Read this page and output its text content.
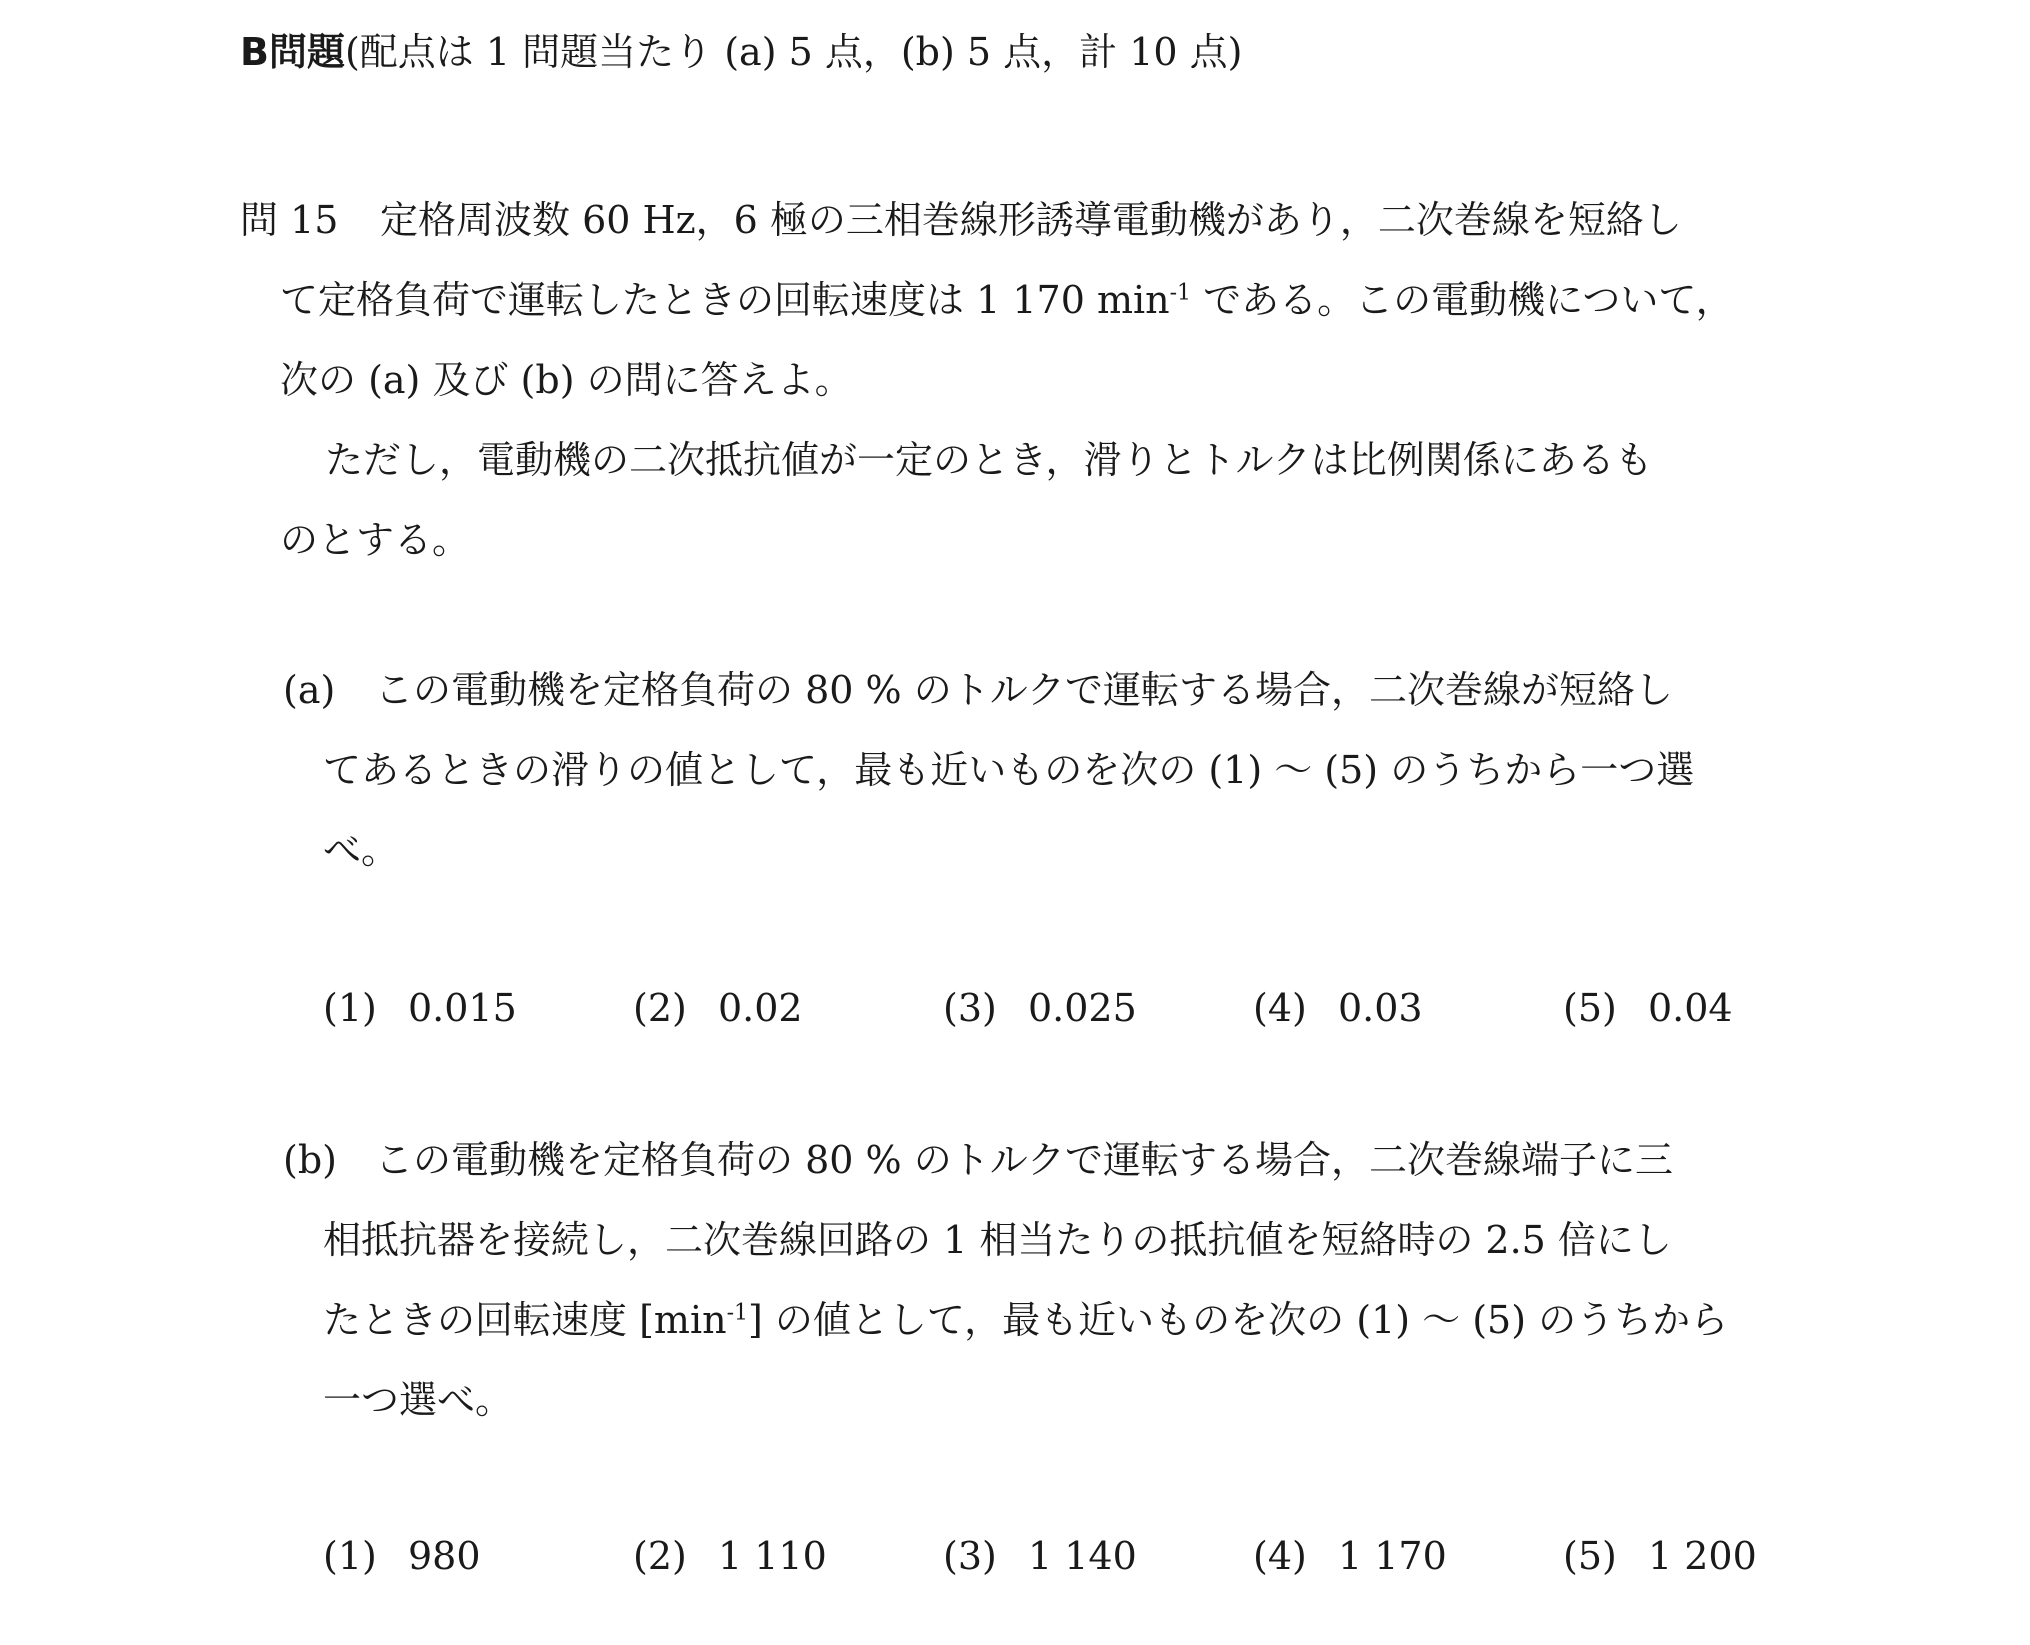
B問題(配点は 1 問題当たり (a) 5 点，(b) 5 点，計 10 点)
問 15	定格周波数 60 Hz，6 極の三相巻線形誘導電動機があり，二次巻線を短絡し
て定格負荷で運転したときの回転速度は 1 170 $\min^{-1}$ である。この電動機について，
次の (a) 及び (b) の問に答えよ。
ただし，電動機の二次抵抗値が一定のとき，滑りとトルクは比例関係にあるも
のとする。
(a)	この電動機を定格負荷の 80 % のトルクで運転する場合，二次巻線が短絡し
てあるときの滑りの値として，最も近いものを次の (1) ～ (5) のうちから一つ選
べ。
(1) 0.015	(2) 0.02	(3) 0.025	(4) 0.03	(5) 0.04
(b)	この電動機を定格負荷の 80 % のトルクで運転する場合，二次巻線端子に三
相抵抗器を接続し，二次巻線回路の 1 相当たりの抵抗値を短絡時の 2.5 倍にし
たときの回転速度 $[\min^{-1}]$ の値として，最も近いものを次の (1) ～ (5) のうちから
一つ選べ。
(1) 980	(2) 1 110	(3) 1 140	(4) 1 170	(5) 1 200
